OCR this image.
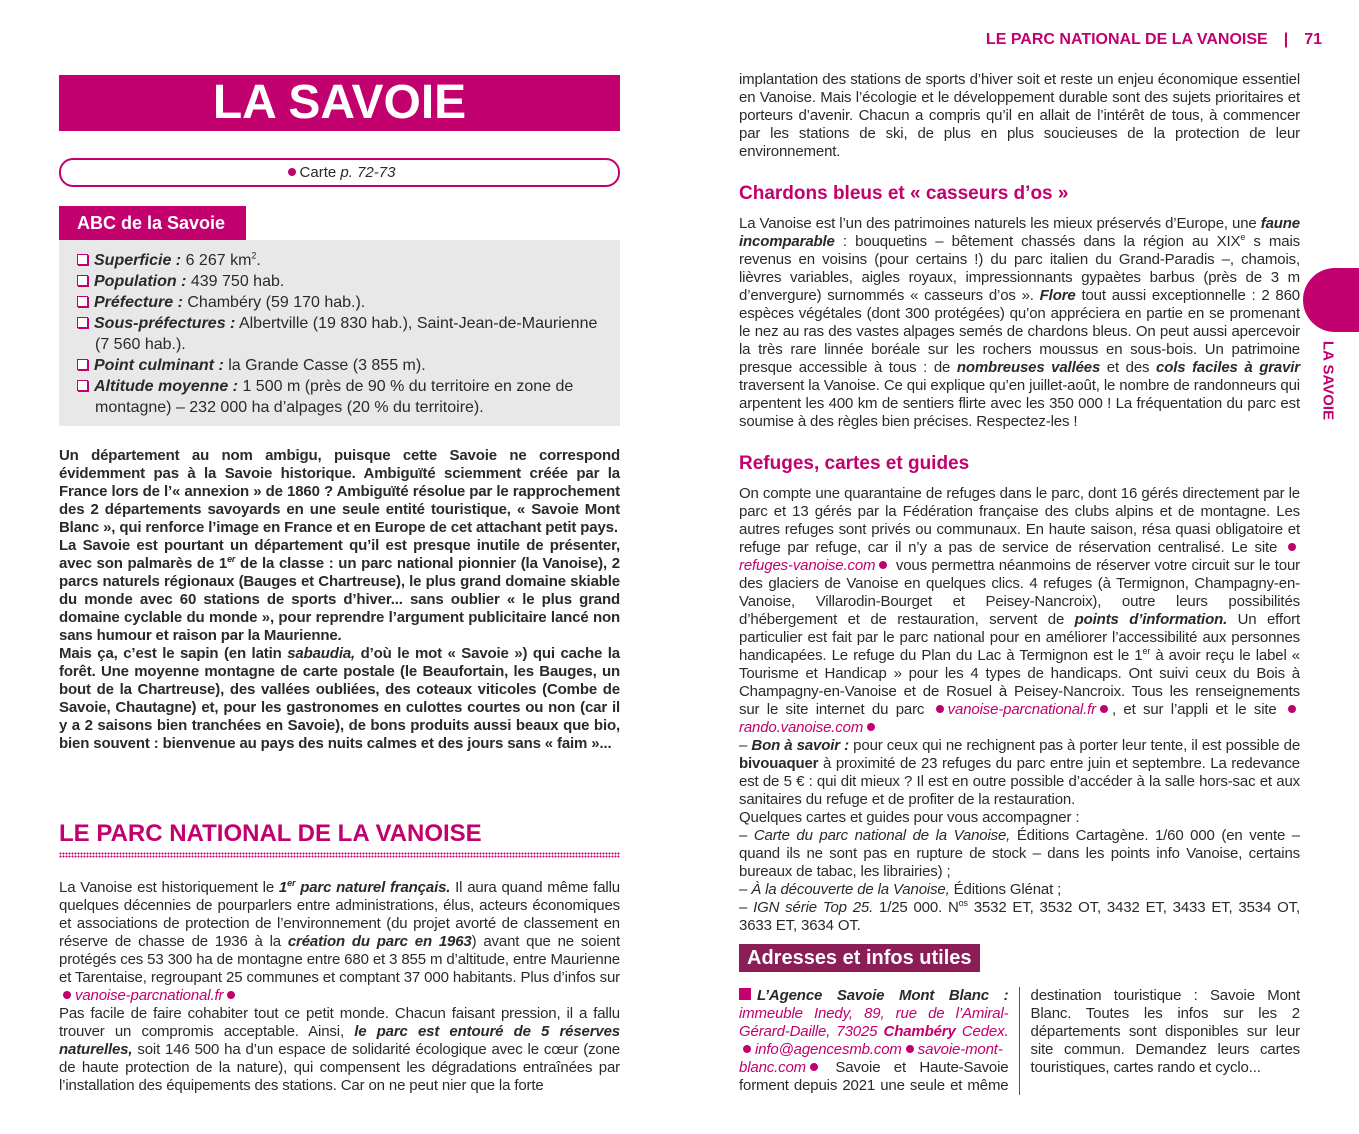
LE PARC NATIONAL DE LA VANOISE | 71
LA SAVOIE
LA SAVOIE
Carte p. 72-73
ABC de la Savoie
Superficie : 6 267 $km^2$.
Population : 439 750 hab.
Préfecture : Chambéry (59 170 hab.).
Sous-préfectures : Albertville (19 830 hab.), Saint-Jean-de-Maurienne (7 560 hab.).
Point culminant : la Grande Casse (3 855 m).
Altitude moyenne : 1 500 m (près de 90 % du territoire en zone de montagne) – 232 000 ha d’alpages (20 % du territoire).

Un département au nom ambigu, puisque cette Savoie ne correspond évidemment pas à la Savoie historique. Ambiguïté sciemment créée par la France lors de l’« annexion » de 1860 ? Ambiguïté résolue par le rapprochement des 2 départements savoyards en une seule entité touristique, « Savoie Mont Blanc », qui renforce l’image en France et en Europe de cet attachant petit pays.

La Savoie est pourtant un département qu’il est presque inutile de présenter, avec son palmarès de 1er de la classe : un parc national pionnier (la Vanoise), 2 parcs naturels régionaux (Bauges et Chartreuse), le plus grand domaine skiable du monde avec 60 stations de sports d’hiver... sans oublier « le plus grand domaine cyclable du monde », pour reprendre l’argument publicitaire lancé non sans humour et raison par la Maurienne.

Mais ça, c’est le sapin (en latin sabaudia, d’où le mot « Savoie ») qui cache la forêt. Une moyenne montagne de carte postale (le Beaufortain, les Bauges, un bout de la Chartreuse), des vallées oubliées, des coteaux viticoles (Combe de Savoie, Chautagne) et, pour les gastronomes en culottes courtes ou non (car il y a 2 saisons bien tranchées en Savoie), de bons produits aussi beaux que bio, bien souvent : bienvenue au pays des nuits calmes et des jours sans « faim »...

LE PARC NATIONAL DE LA VANOISE

La Vanoise est historiquement le 1er parc naturel français. Il aura quand même fallu quelques décennies de pourparlers entre administrations, élus, acteurs économiques et associations de protection de l’environnement (du projet avorté de classement en réserve de chasse de 1936 à la création du parc en 1963) avant que ne soient protégés ces 53 300 ha de montagne entre 680 et 3 855 m d’altitude, entre Maurienne et Tarentaise, regroupant 25 communes et comptant 37 000 habitants. Plus d’infos sur vanoise-parcnational.fr

Pas facile de faire cohabiter tout ce petit monde. Chacun faisant pression, il a fallu trouver un compromis acceptable. Ainsi, le parc est entouré de 5 réserves naturelles, soit 146 500 ha d’un espace de solidarité écologique avec le cœur (zone de haute protection de la nature), qui compensent les dégradations entraînées par l’installation des équipements des stations. Car on ne peut nier que la forte

implantation des stations de sports d’hiver soit et reste un enjeu économique essentiel en Vanoise. Mais l’écologie et le développement durable sont des sujets prioritaires et porteurs d’avenir. Chacun a compris qu’il en allait de l’intérêt de tous, à commencer par les stations de ski, de plus en plus soucieuses de la protection de leur environnement.

Chardons bleus et « casseurs d’os »

La Vanoise est l’un des patrimoines naturels les mieux préservés d’Europe, une faune incomparable : bouquetins – bêtement chassés dans la région au XIXe s mais revenus en voisins (pour certains !) du parc italien du Grand-Paradis –, chamois, lièvres variables, aigles royaux, impressionnants gypaètes barbus (près de 3 m d’envergure) surnommés « casseurs d’os ». Flore tout aussi exceptionnelle : 2 860 espèces végétales (dont 300 protégées) qu’on appréciera en partie en se promenant le nez au ras des vastes alpages semés de chardons bleus. On peut aussi apercevoir la très rare linnée boréale sur les rochers moussus en sous-bois. Un patrimoine presque accessible à tous : de nombreuses vallées et des cols faciles à gravir traversent la Vanoise. Ce qui explique qu’en juillet-août, le nombre de randonneurs qui arpentent les 400 km de sentiers flirte avec les 350 000 ! La fréquentation du parc est soumise à des règles bien précises. Respectez-les !

Refuges, cartes et guides

On compte une quarantaine de refuges dans le parc, dont 16 gérés directement par le parc et 13 gérés par la Fédération française des clubs alpins et de montagne. Les autres refuges sont privés ou communaux. En haute saison, résa quasi obligatoire et refuge par refuge, car il n’y a pas de service de réservation centralisé. Le site refuges-vanoise.com vous permettra néanmoins de réserver votre circuit sur le tour des glaciers de Vanoise en quelques clics. 4 refuges (à Termignon, Champagny-en-Vanoise, Villarodin-Bourget et Peisey-Nancroix), outre leurs possibilités d’hébergement et de restauration, servent de points d’information. Un effort particulier est fait par le parc national pour en améliorer l’accessibilité aux personnes handicapées. Le refuge du Plan du Lac à Termignon est le 1er à avoir reçu le label « Tourisme et Handicap » pour les 4 types de handicaps. Ont suivi ceux du Bois à Champagny-en-Vanoise et de Rosuel à Peisey-Nancroix. Tous les renseignements sur le site internet du parc vanoise-parcnational.fr , et sur l’appli et le site rando.vanoise.com

– Bon à savoir : pour ceux qui ne rechignent pas à porter leur tente, il est possible de bivouaquer à proximité de 23 refuges du parc entre juin et septembre. La redevance est de 5 € : qui dit mieux ? Il est en outre possible d’accéder à la salle hors-sac et aux sanitaires du refuge et de profiter de la restauration.

Quelques cartes et guides pour vous accompagner :

– Carte du parc national de la Vanoise, Éditions Cartagène. 1/60 000 (en vente – quand ils ne sont pas en rupture de stock – dans les points info Vanoise, certains bureaux de tabac, les librairies) ;

– À la découverte de la Vanoise, Éditions Glénat ;

– IGN série Top 25. 1/25 000. $N^{os}$ 3532 ET, 3532 OT, 3432 ET, 3433 ET, 3534 OT, 3633 ET, 3634 OT.

Adresses et infos utiles

L’Agence Savoie Mont Blanc : immeuble Inedy, 89, rue de l’Amiral-Gérard-Daille, 73025 Chambéry Cedex.info@agencesmb.com savoie-mont-blanc.com Savoie et Haute-Savoie forment depuis 2021 une seule et même destination touristique : Savoie Mont Blanc. Toutes les infos sur les 2 départements sont disponibles sur leur site commun. Demandez leurs cartes touristiques, cartes rando et cyclo...
